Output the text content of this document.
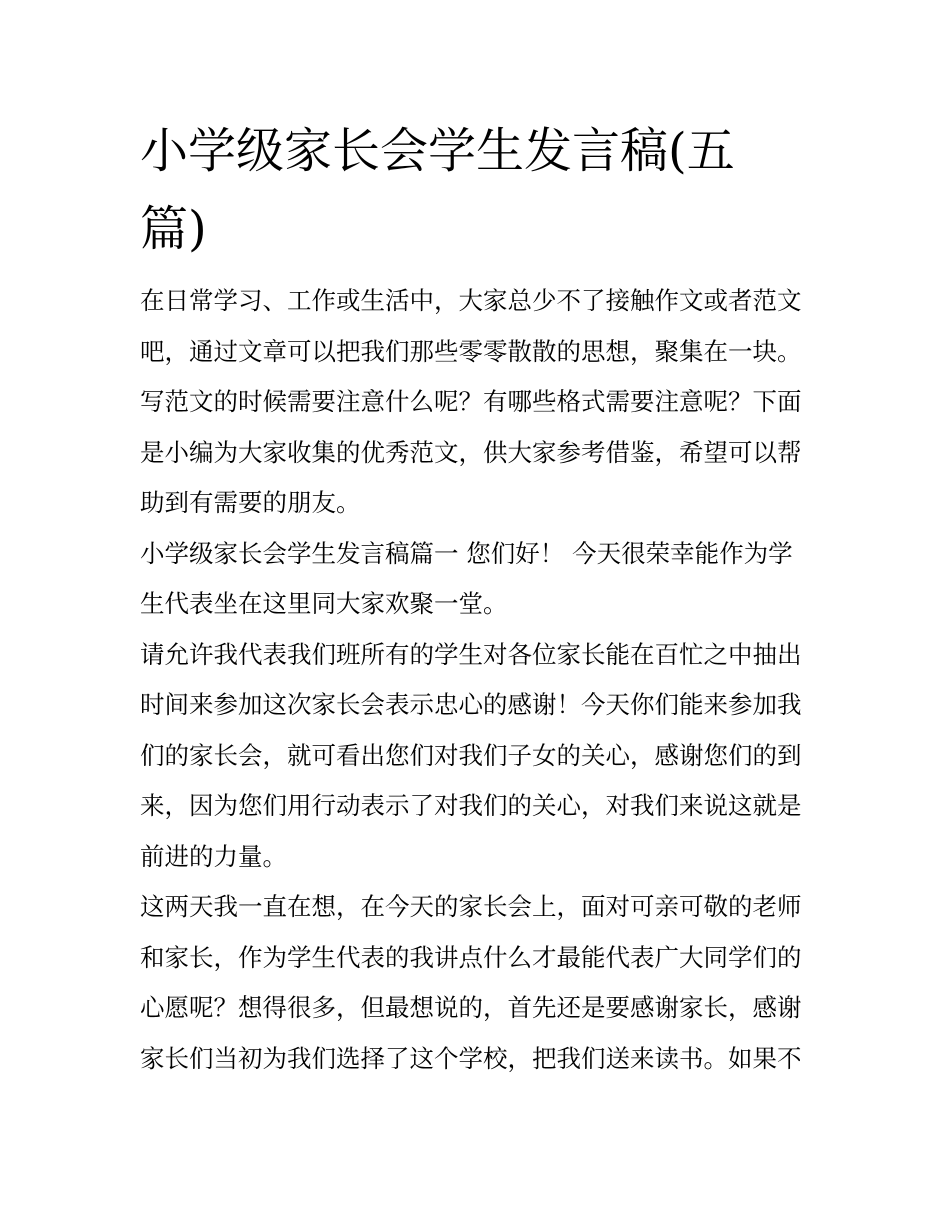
小学级家长会学生发言稿(五
篇)

在日常学习、工作或生活中，大家总少不了接触作文或者范文
吧，通过文章可以把我们那些零零散散的思想，聚集在一块。
写范文的时候需要注意什么呢？有哪些格式需要注意呢？下面
是小编为大家收集的优秀范文，供大家参考借鉴，希望可以帮
助到有需要的朋友。

小学级家长会学生发言稿篇一 您们好！ 今天很荣幸能作为学
生代表坐在这里同大家欢聚一堂。

请允许我代表我们班所有的学生对各位家长能在百忙之中抽出
时间来参加这次家长会表示忠心的感谢！今天你们能来参加我
们的家长会，就可看出您们对我们子女的关心，感谢您们的到
来，因为您们用行动表示了对我们的关心，对我们来说这就是
前进的力量。

这两天我一直在想，在今天的家长会上，面对可亲可敬的老师
和家长，作为学生代表的我讲点什么才最能代表广大同学们的
心愿呢？想得很多，但最想说的，首先还是要感谢家长，感谢
家长们当初为我们选择了这个学校，把我们送来读书。如果不
